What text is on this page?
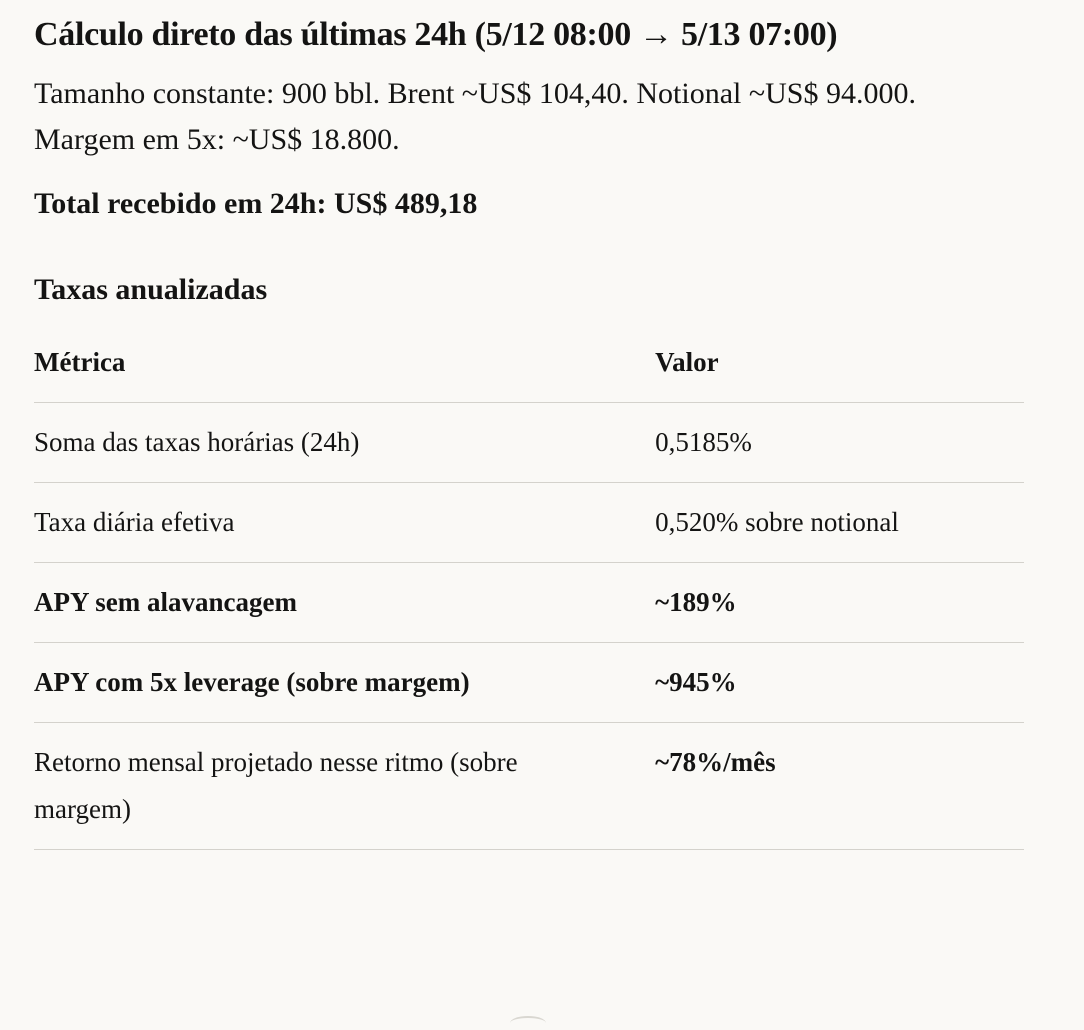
Cálculo direto das últimas 24h (5/12 08:00 → 5/13 07:00)

Tamanho constante: 900 bbl. Brent ~US$ 104,40. Notional ~US$ 94.000. Margem em 5x: ~US$ 18.800.

Total recebido em 24h: US$ 489,18

Taxas anualizadas
Métrica	Valor
Soma das taxas horárias (24h)	0,5185%
Taxa diária efetiva	0,520% sobre notional
APY sem alavancagem	~189%
APY com 5x leverage (sobre margem)	~945%
Retorno mensal projetado nesse ritmo (sobre margem)	~78%/mês
